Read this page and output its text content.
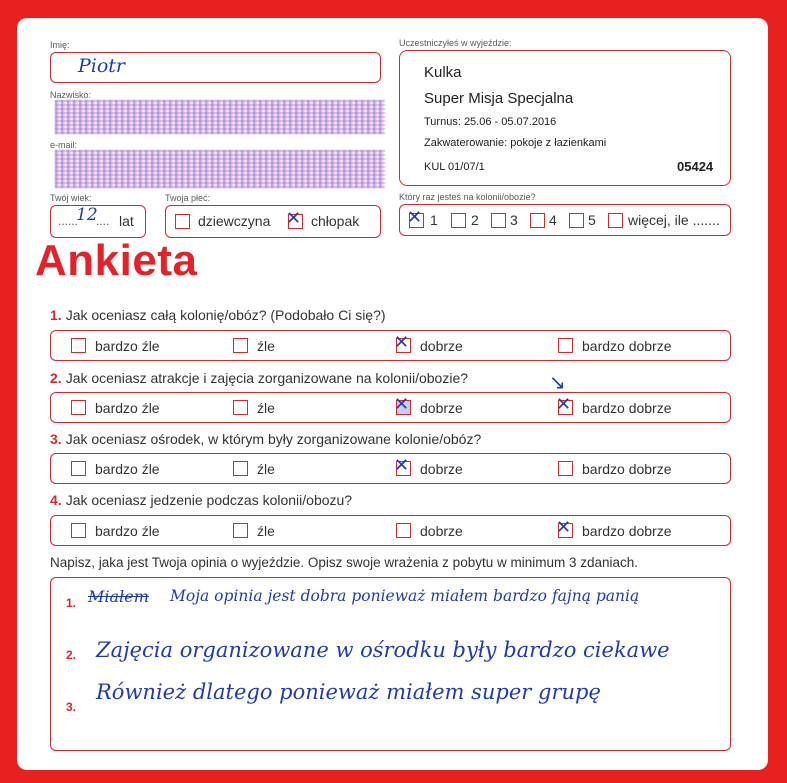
Imię:
Piotr
Nazwisko:
e-mail:
Twój wiek:
......
12
.... lat
Twoja płeć:
dziewczyna ✕ chłopak
Uczestniczyłeś w wyjeździe:
Kulka
Super Misja Specjalna
Turnus: 25.06 - 05.07.2016
Zakwaterowanie: pokoje z łazienkami
KUL 01/07/1	05424
Który raz jesteś na kolonii/obozie?
✕ 1 2 3 4 5 więcej, ile .......
Ankieta
1. Jak oceniasz całą kolonię/obóz? (Podobało Ci się?)
bardzo źle	źle	✕ dobrze	bardzo dobrze
2. Jak oceniasz atrakcje i zajęcia zorganizowane na kolonii/obozie?
bardzo źle	źle	✕ dobrze
↘
✕ bardzo dobrze
3. Jak oceniasz ośrodek, w którym były zorganizowane kolonie/obóz?
bardzo źle	źle	✕ dobrze	bardzo dobrze
4. Jak oceniasz jedzenie podczas kolonii/obozu?
bardzo źle	źle	dobrze	✕ bardzo dobrze
Napisz, jaka jest Twoja opinia o wyjeździe. Opisz swoje wrażenia z pobytu w minimum 3 zdaniach.
1. Miałem Moja opinia jest dobra ponieważ miałem bardzo fajną panią
2. Zajęcia organizowane w ośrodku były bardzo ciekawe
3.
Również dlatego ponieważ miałem super grupę
